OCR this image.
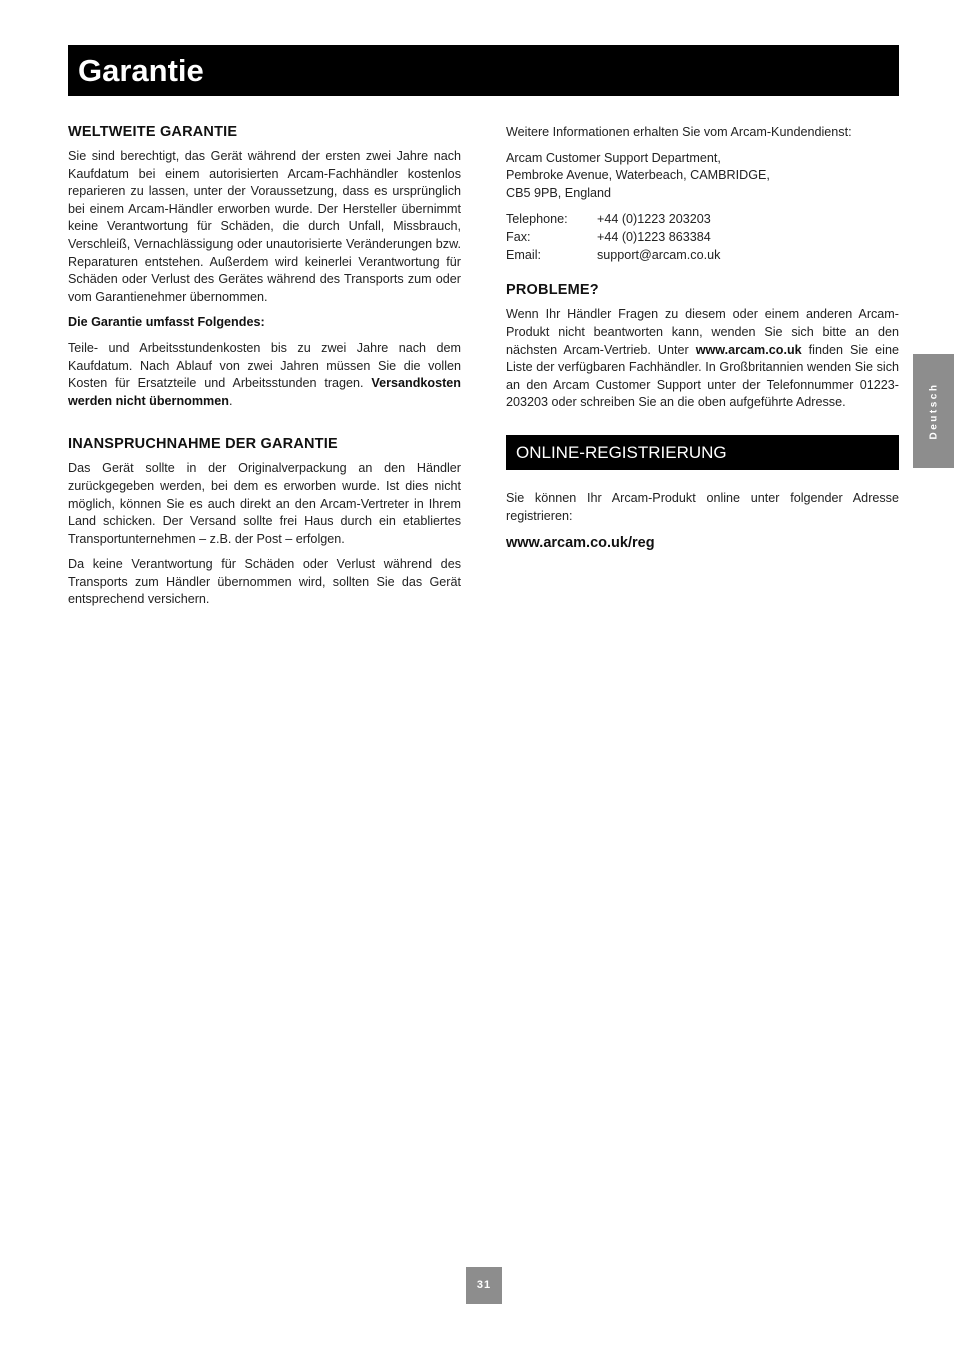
Garantie
WELTWEITE GARANTIE

Sie sind berechtigt, das Gerät während der ersten zwei Jahre nach Kaufdatum bei einem autorisierten Arcam-Fachhändler kostenlos reparieren zu lassen, unter der Voraussetzung, dass es ursprünglich bei einem Arcam-Händler erworben wurde. Der Hersteller übernimmt keine Verantwortung für Schäden, die durch Unfall, Missbrauch, Verschleiß, Vernachlässigung oder unautorisierte Veränderungen bzw. Reparaturen entstehen. Außerdem wird keinerlei Verantwortung für Schäden oder Verlust des Gerätes während des Transports zum oder vom Garantienehmer übernommen.

Die Garantie umfasst Folgendes:

Teile- und Arbeitsstundenkosten bis zu zwei Jahre nach dem Kaufdatum. Nach Ablauf von zwei Jahren müssen Sie die vollen Kosten für Ersatzteile und Arbeitsstunden tragen. Versandkosten werden nicht übernommen.

INANSPRUCHNAHME DER GARANTIE

Das Gerät sollte in der Originalverpackung an den Händler zurückgegeben werden, bei dem es erworben wurde. Ist dies nicht möglich, können Sie es auch direkt an den Arcam-Vertreter in Ihrem Land schicken. Der Versand sollte frei Haus durch ein etabliertes Transportunternehmen – z.B. der Post – erfolgen.

Da keine Verantwortung für Schäden oder Verlust während des Transports zum Händler übernommen wird, sollten Sie das Gerät entsprechend versichern.

Weitere Informationen erhalten Sie vom Arcam-Kundendienst:

Arcam Customer Support Department,

Pembroke Avenue, Waterbeach, CAMBRIDGE,

CB5 9PB, England

Telephone:	+44 (0)1223 203203
Fax:	+44 (0)1223 863384
Email:	support@arcam.co.uk
PROBLEME?

Wenn Ihr Händler Fragen zu diesem oder einem anderen Arcam-Produkt nicht beantworten kann, wenden Sie sich bitte an den nächsten Arcam-Vertrieb. Unter www.arcam.co.uk finden Sie eine Liste der verfügbaren Fachhändler. In Großbritannien wenden Sie sich an den Arcam Customer Support unter der Telefonnummer 01223-203203 oder schreiben Sie an die oben aufgeführte Adresse.

ONLINE-REGISTRIERUNG

Sie können Ihr Arcam-Produkt online unter folgender Adresse registrieren:

www.arcam.co.uk/reg
Deutsch
31
